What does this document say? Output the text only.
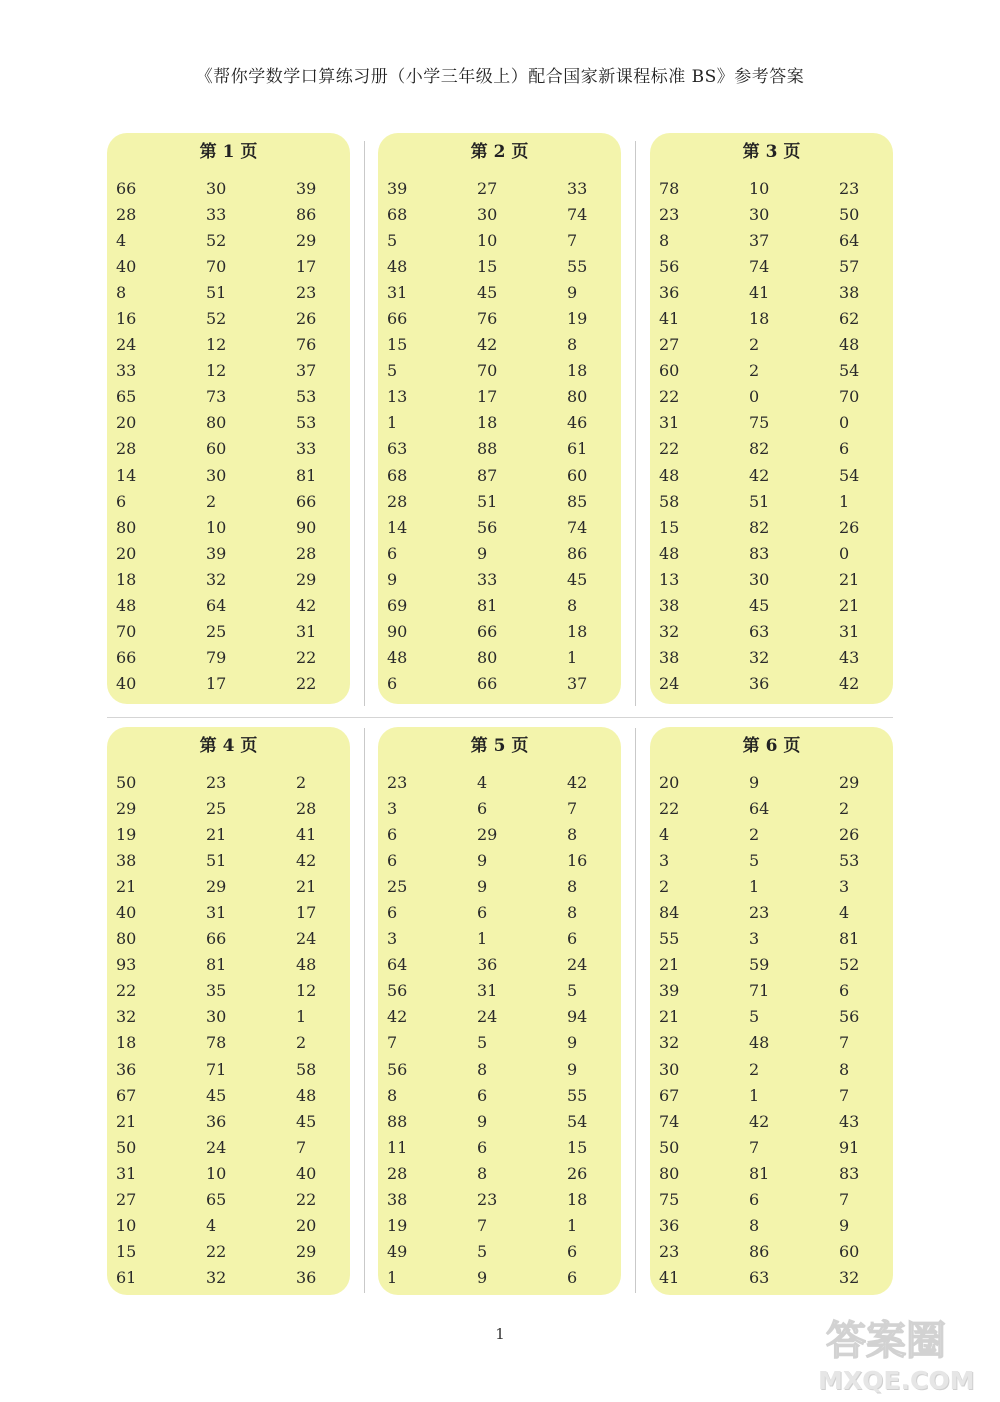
《帮你学数学口算练习册（小学三年级上）配合国家新课程标准 BS》参考答案
第 1 页
66	30	39
28	33	86
4	52	29
40	70	17
8	51	23
16	52	26
24	12	76
33	12	37
65	73	53
20	80	53
28	60	33
14	30	81
6	2	66
80	10	90
20	39	28
18	32	29
48	64	42
70	25	31
66	79	22
40	17	22
第 2 页
39	27	33
68	30	74
5	10	7
48	15	55
31	45	9
66	76	19
15	42	8
5	70	18
13	17	80
1	18	46
63	88	61
68	87	60
28	51	85
14	56	74
6	9	86
9	33	45
69	81	8
90	66	18
48	80	1
6	66	37
第 3 页
78	10	23
23	30	50
8	37	64
56	74	57
36	41	38
41	18	62
27	2	48
60	2	54
22	0	70
31	75	0
22	82	6
48	42	54
58	51	1
15	82	26
48	83	0
13	30	21
38	45	21
32	63	31
38	32	43
24	36	42
第 4 页
50	23	2
29	25	28
19	21	41
38	51	42
21	29	21
40	31	17
80	66	24
93	81	48
22	35	12
32	30	1
18	78	2
36	71	58
67	45	48
21	36	45
50	24	7
31	10	40
27	65	22
10	4	20
15	22	29
61	32	36
第 5 页
23	4	42
3	6	7
6	29	8
6	9	16
25	9	8
6	6	8
3	1	6
64	36	24
56	31	5
42	24	94
7	5	9
56	8	9
8	6	55
88	9	54
11	6	15
28	8	26
38	23	18
19	7	1
49	5	6
1	9	6
第 6 页
20	9	29
22	64	2
4	2	26
3	5	53
2	1	3
84	23	4
55	3	81
21	59	52
39	71	6
21	5	56
32	48	7
30	2	8
67	1	7
74	42	43
50	7	91
80	81	83
75	6	7
36	8	9
23	86	60
41	63	32
1	答案圈
MXQE.COM
